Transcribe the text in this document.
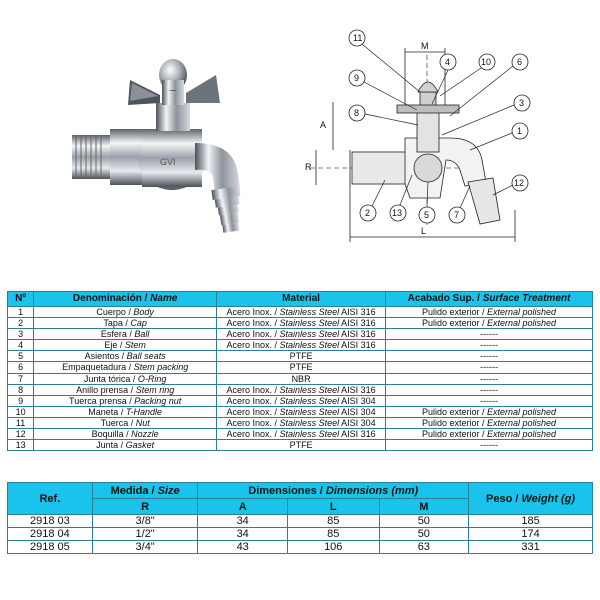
GVI
M
A
R
L
11
4	10	6
9
3
8
1
2 13 5	7
12
Nº	Denominación / Name	Material	Acabado Sup. / Surface Treatment
1	Cuerpo / Body	Acero Inox. / Stainless Steel AISI 316	Pulido exterior / External polished
2	Tapa / Cap	Acero Inox. / Stainless Steel AISI 316	Pulido exterior / External polished
3	Esfera / Ball	Acero Inox. / Stainless Steel AISI 316	------
4	Eje / Stem	Acero Inox. / Stainless Steel AISI 316	------
5	Asientos / Ball seats	PTFE	------
6	Empaquetadura / Stem packing	PTFE	------
7	Junta tórica / O-Ring	NBR	------
8	Anillo prensa / Stem ring	Acero Inox. / Stainless Steel AISI 316	------
9	Tuerca prensa / Packing nut	Acero Inox. / Stainless Steel AISI 304	------
10	Maneta / T-Handle	Acero Inox. / Stainless Steel AISI 304	Pulido exterior / External polished
11	Tuerca / Nut	Acero Inox. / Stainless Steel AISI 304	Pulido exterior / External polished
12	Boquilla / Nozzle	Acero Inox. / Stainless Steel AISI 316	Pulido exterior / External polished
13	Junta / Gasket	PTFE	------
Ref.	Medida / Size	Dimensiones / Dimensions (mm)			Peso / Weight (g)
	R	A	L	M	
2918 03	3/8"	34	85	50	185
2918 04	1/2"	34	85	50	174
2918 05	3/4"	43	106	63	331
